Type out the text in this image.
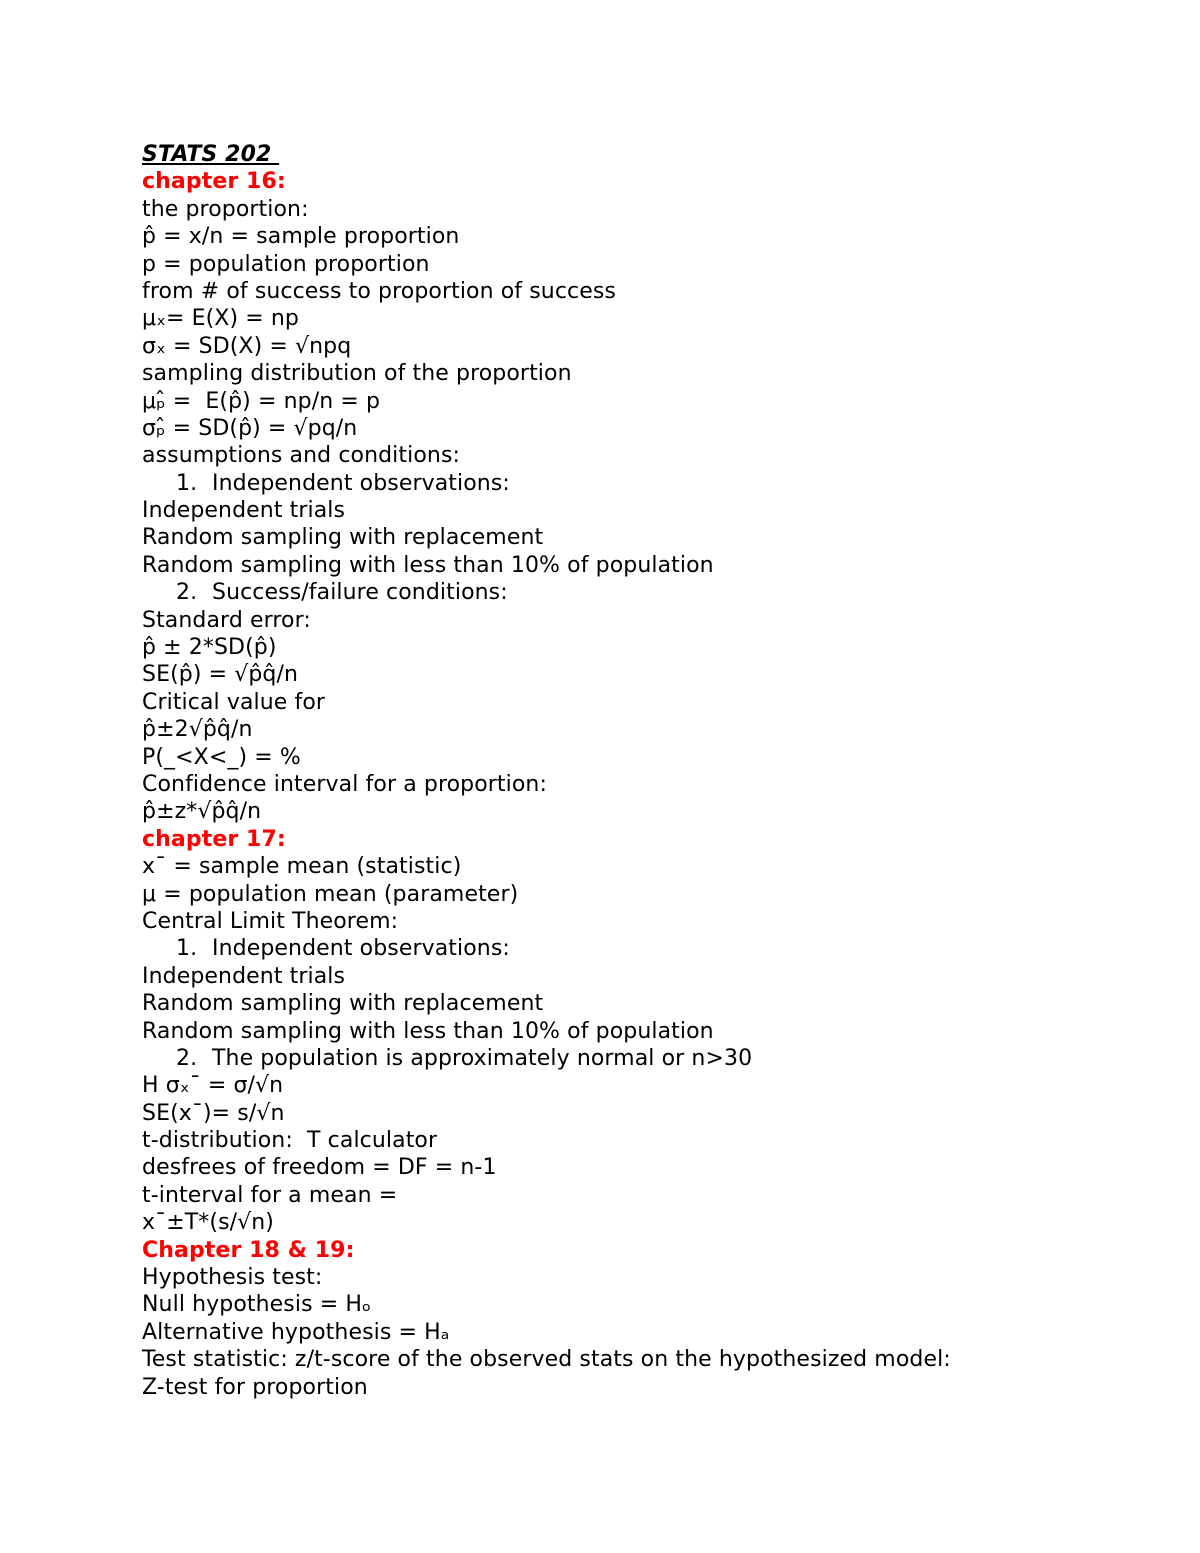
STATS 202
chapter 16:
the proportion:
p̂ = x/n = sample proportion
p = population proportion
from # of success to proportion of success
μₓ= E(X) = np
σₓ = SD(X) = √npq
sampling distribution of the proportion
μₚ̂ =  E(p̂) = np/n = p
σₚ̂ = SD(p̂) = √pq/n
assumptions and conditions:
1. Independent observations:
Independent trials
Random sampling with replacement
Random sampling with less than 10% of population
2. Success/failure conditions:
Standard error:
p̂ ± 2*SD(p̂)
SE(p̂) = √p̂q̂/n
Critical value for
p̂±2√p̂q̂/n
P(_<X<_) = %
Confidence interval for a proportion:
p̂±z*√p̂q̂/n
chapter 17:
x¯ = sample mean (statistic)
μ = population mean (parameter)
Central Limit Theorem:
1. Independent observations:
Independent trials
Random sampling with replacement
Random sampling with less than 10% of population
2. The population is approximately normal or n>30
H σₓ¯ = σ/√n
SE(x¯)= s/√n
t-distribution:  T calculator
desfrees of freedom = DF = n-1
t-interval for a mean =
x¯±T*(s/√n)
Chapter 18 & 19:
Hypothesis test:
Null hypothesis = Hₒ
Alternative hypothesis = Hₐ
Test statistic: z/t-score of the observed stats on the hypothesized model:
Z-test for proportion
